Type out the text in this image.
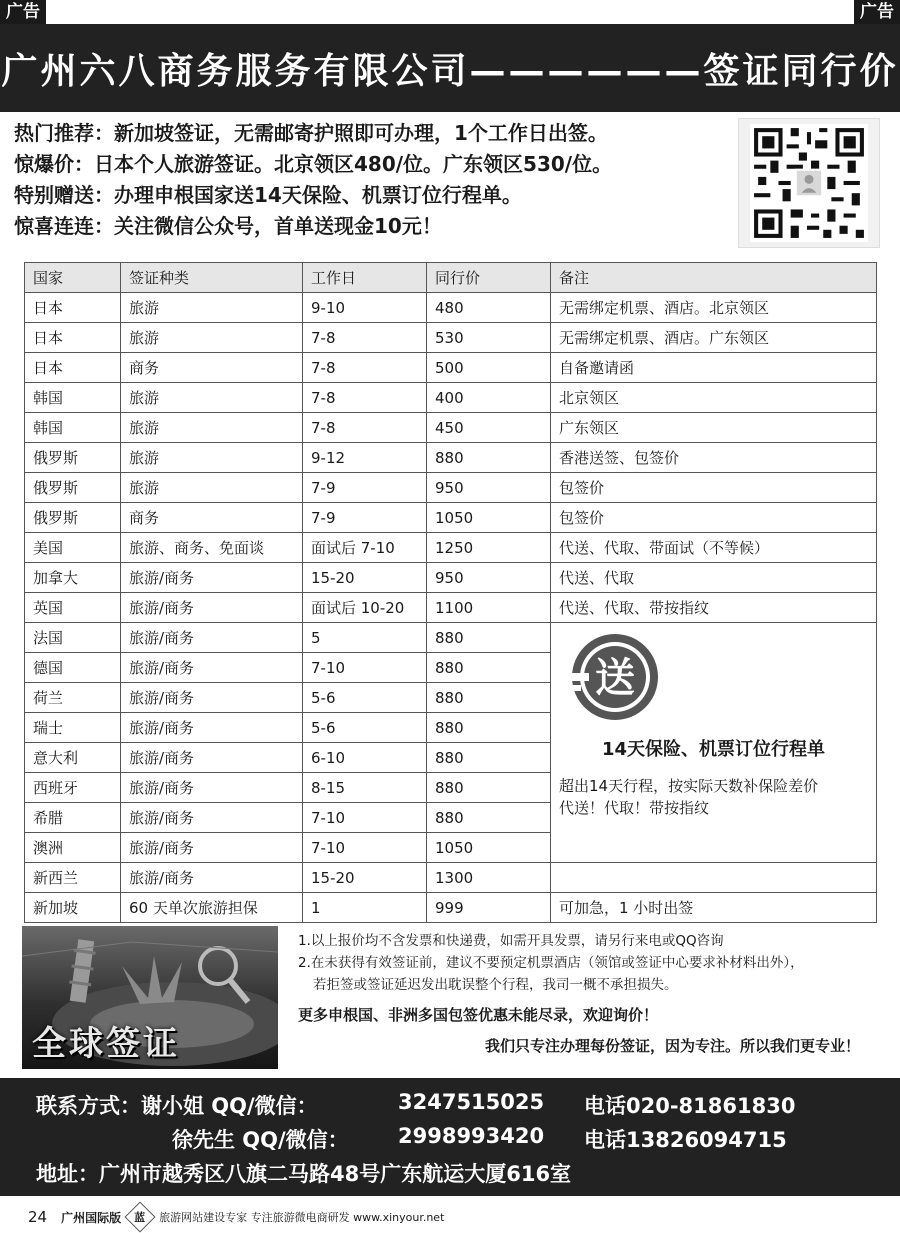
广告	广告
广州六八商务服务有限公司——————签证同行价
热门推荐：新加坡签证，无需邮寄护照即可办理，1个工作日出签。
惊爆价：日本个人旅游签证。北京领区480/位。广东领区530/位。
特别赠送：办理申根国家送14天保险、机票订位行程单。
惊喜连连：关注微信公众号，首单送现金10元！
国家	签证种类	工作日	同行价	备注
日本	旅游	9-10	480	无需绑定机票、酒店。北京领区
日本	旅游	7-8	530	无需绑定机票、酒店。广东领区
日本	商务	7-8	500	自备邀请函
韩国	旅游	7-8	400	北京领区
韩国	旅游	7-8	450	广东领区
俄罗斯	旅游	9-12	880	香港送签、包签价
俄罗斯	旅游	7-9	950	包签价
俄罗斯	商务	7-9	1050	包签价
美国	旅游、商务、免面谈	面试后 7-10	1250	代送、代取、带面试（不等候）
加拿大	旅游/商务	15-20	950	代送、代取
英国	旅游/商务	面试后 10-20	1100	代送、代取、带按指纹
法国	旅游/商务	5	880	送
14天保险、机票订位行程单
超出14天行程，按实际天数补保险差价
代送！代取！带按指纹

德国	旅游/商务	7-10	880	
荷兰	旅游/商务	5-6	880	
瑞士	旅游/商务	5-6	880	
意大利	旅游/商务	6-10	880	
西班牙	旅游/商务	8-15	880	
希腊	旅游/商务	7-10	880	
澳洲	旅游/商务	7-10	1050	
新西兰	旅游/商务	15-20	1300	
新加坡	60 天单次旅游担保	1	999	可加急，1 小时出签
全球签证
1.以上报价均不含发票和快递费，如需开具发票，请另行来电或QQ咨询
2.在未获得有效签证前，建议不要预定机票酒店（领馆或签证中心要求补材料出外），
若拒签或签证延迟发出耽误整个行程，我司一概不承担损失。
更多申根国、非洲多国包签优惠未能尽录，欢迎询价！
我们只专注办理每份签证，因为专注。所以我们更专业！
联系方式：谢小姐 QQ/微信：	3247515025 电话020-81861830
徐先生 QQ/微信： 2998993420 电话13826094715
地址：广州市越秀区八旗二马路48号广东航运大厦616室
24 广州国际版	蓝	旅游网站建设专家 专注旅游微电商研发 www.xinyour.net
